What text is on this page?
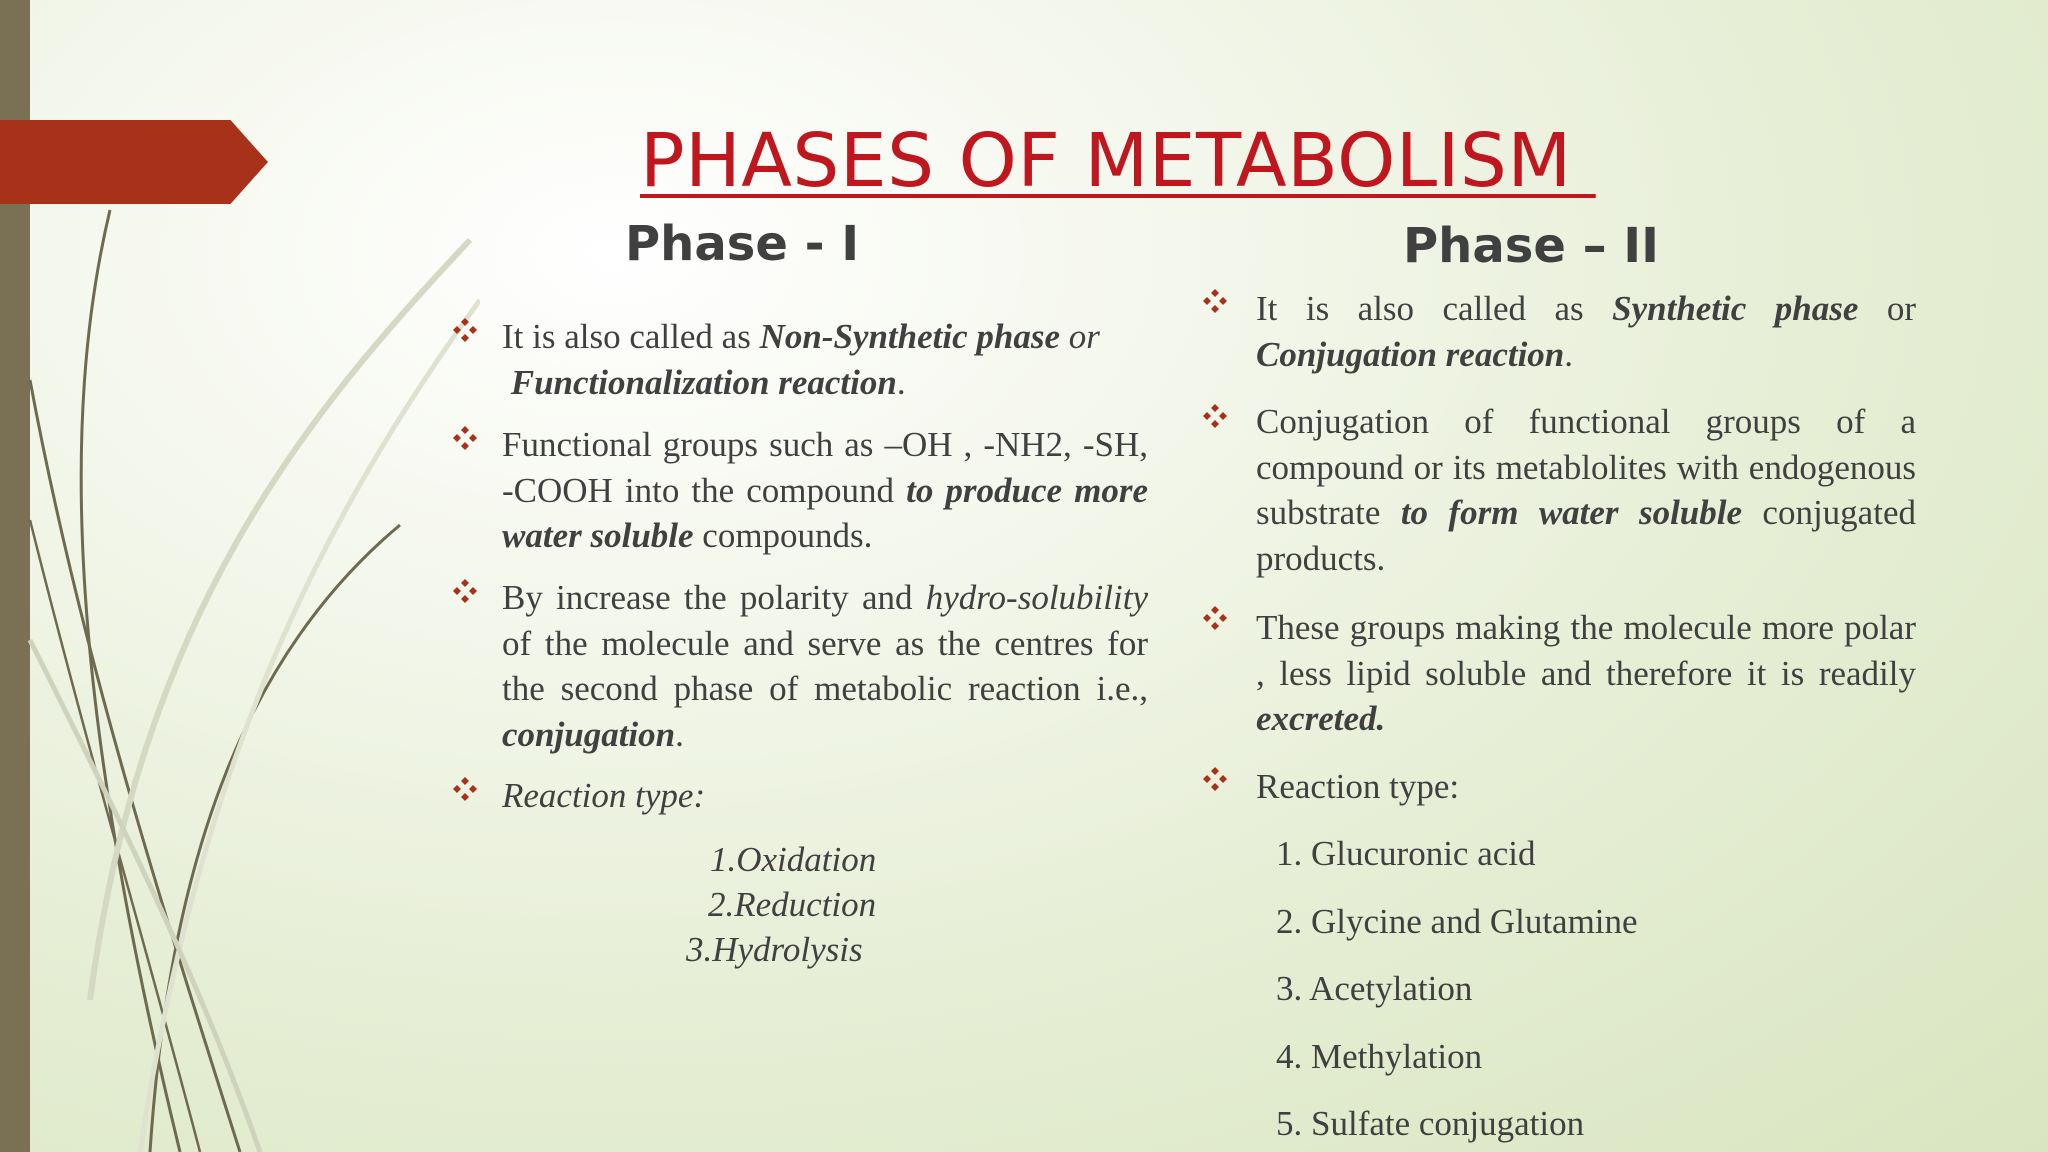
PHASES OF METABOLISM
Phase - I

It is also called as Non-Synthetic phase or
Functionalization reaction.

Functional groups such as –OH , -NH2, -SH, -COOH into the compound to produce more water soluble compounds.

By increase the polarity and hydro-solubility of the molecule and serve as the centres for the second phase of metabolic reaction i.e., conjugation.

Reaction type:
1.Oxidation
2.Reduction
3.Hydrolysis
Phase – II

It is also called as Synthetic phase or Conjugation reaction.

Conjugation of functional groups of a compound or its metablolites with endogenous substrate to form water soluble conjugated products.

These groups making the molecule more polar , less lipid soluble and therefore it is readily excreted.

Reaction type:
1. Glucuronic acid
2. Glycine and Glutamine
3. Acetylation
4. Methylation
5. Sulfate conjugation
